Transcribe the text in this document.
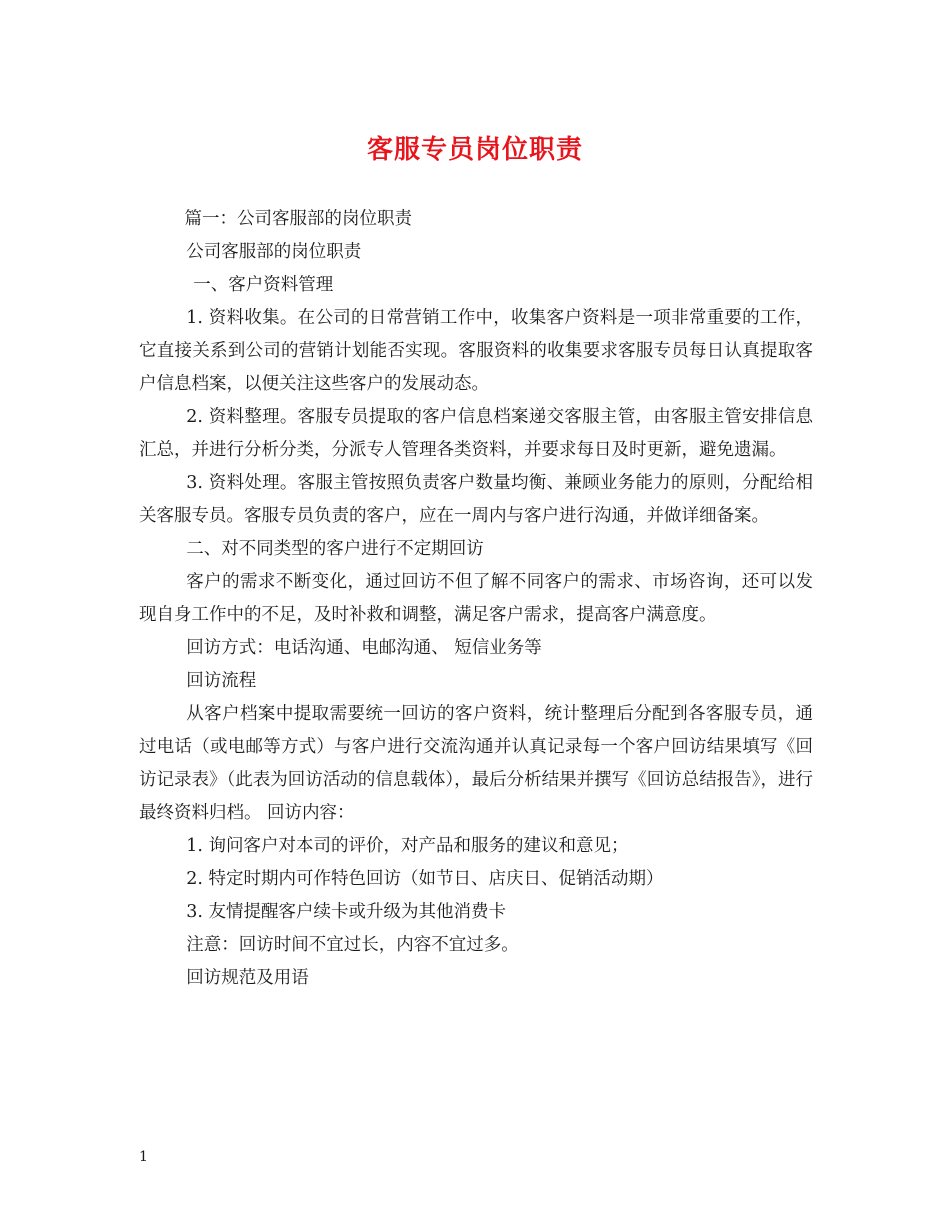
客服专员岗位职责

篇一：公司客服部的岗位职责

公司客服部的岗位职责

一、客户资料管理

1. 资料收集。在公司的日常营销工作中，收集客户资料是一项非常重要的工作，它直接关系到公司的营销计划能否实现。客服资料的收集要求客服专员每日认真提取客户信息档案，以便关注这些客户的发展动态。

2. 资料整理。客服专员提取的客户信息档案递交客服主管，由客服主管安排信息汇总，并进行分析分类，分派专人管理各类资料，并要求每日及时更新，避免遗漏。

3. 资料处理。客服主管按照负责客户数量均衡、兼顾业务能力的原则，分配给相关客服专员。客服专员负责的客户，应在一周内与客户进行沟通，并做详细备案。

二、对不同类型的客户进行不定期回访

客户的需求不断变化，通过回访不但了解不同客户的需求、市场咨询，还可以发现自身工作中的不足，及时补救和调整，满足客户需求，提高客户满意度。

回访方式：电话沟通、电邮沟通、 短信业务等

回访流程

从客户档案中提取需要统一回访的客户资料，统计整理后分配到各客服专员，通过电话（或电邮等方式）与客户进行交流沟通并认真记录每一个客户回访结果填写《回访记录表》（此表为回访活动的信息载体），最后分析结果并撰写《回访总结报告》，进行最终资料归档。 回访内容：

1. 询问客户对本司的评价，对产品和服务的建议和意见；

2. 特定时期内可作特色回访（如节日、店庆日、促销活动期）

3. 友情提醒客户续卡或升级为其他消费卡

注意：回访时间不宜过长，内容不宜过多。

回访规范及用语

1
